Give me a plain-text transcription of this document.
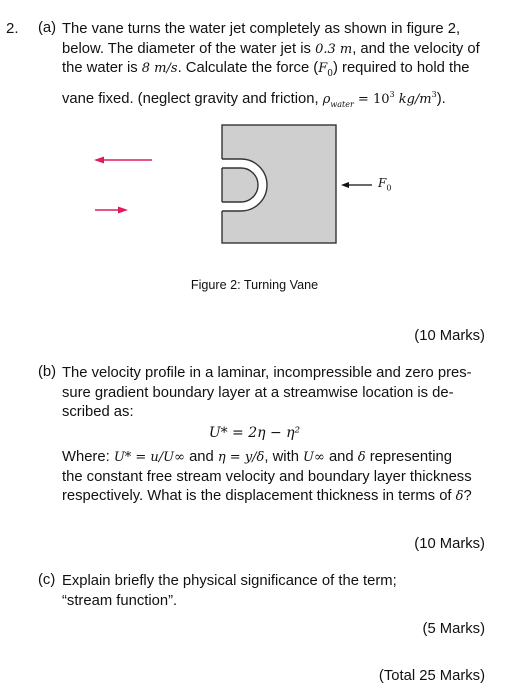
2. (a) The vane turns the water jet completely as shown in figure 2,
below. The diameter of the water jet is 0.3 m, and the velocity of
the water is 8 m/s. Calculate the force $(F_0)$ required to hold the
vane fixed. (neglect gravity and friction, $\rho_{water} = 10^3$ $kg/m^3$).
$F_0$
Figure 2: Turning Vane
(10 Marks)
(b) The velocity profile in a laminar, incompressible and zero pres-
sure gradient boundary layer at a streamwise location is de-
scribed as:
U* = 2η − η²
Where: U* = u/U∞ and η = y/δ, with U∞ and δ representing
the constant free stream velocity and boundary layer thickness
respectively. What is the displacement thickness in terms of δ?
(10 Marks)
(c) Explain briefly the physical significance of the term;
“stream function”.
(5 Marks)
(Total 25 Marks)
